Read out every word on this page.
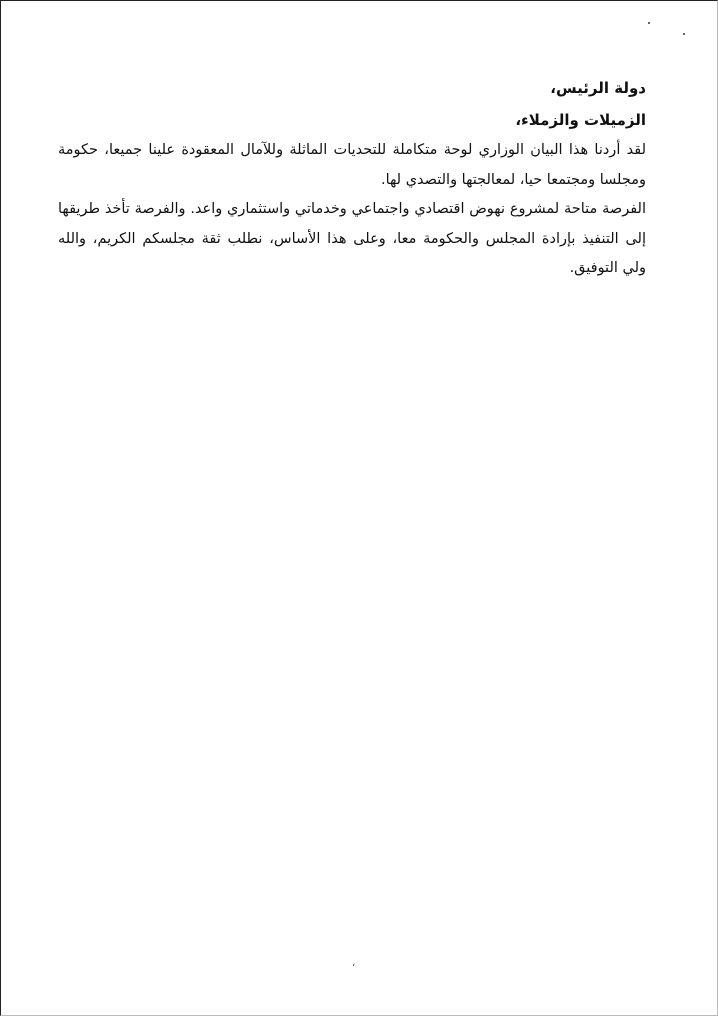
دولة الرئيس،

الزميلات والزملاء،

لقد أردنا هذا البيان الوزاري لوحة متكاملة للتحديات الماثلة وللآمال المعقودة علينا جميعا، حكومة ومجلسا ومجتمعا حيا، لمعالجتها والتصدي لها.

الفرصة متاحة لمشروع نهوض اقتصادي واجتماعي وخدماتي واستثماري واعد. والفرصة تأخذ طريقها إلى التنفيذ بإرادة المجلس والحكومة معا، وعلى هذا الأساس، نطلب ثقة مجلسكم الكريم، والله ولي التوفيق.

،
